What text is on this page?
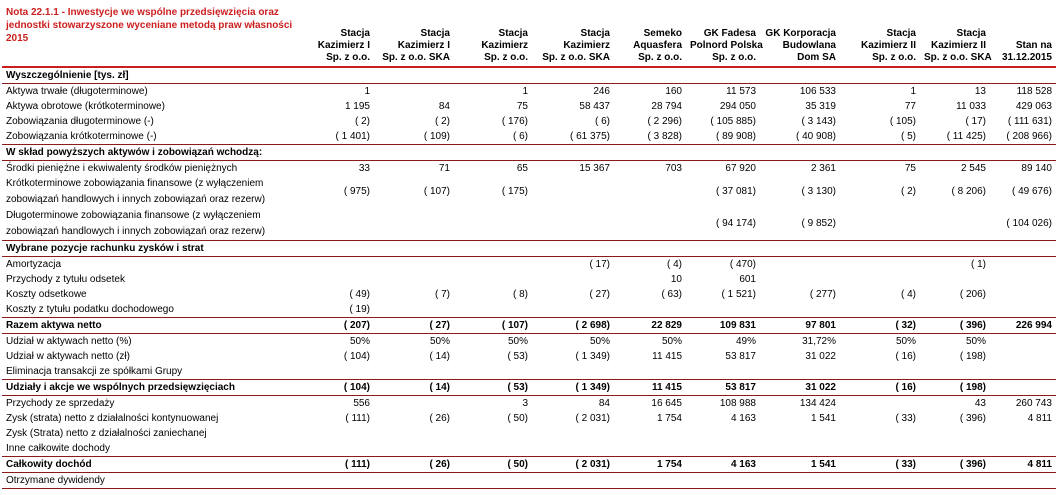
Nota 22.1.1 - Inwestycje we wspólne przedsięwzięcia oraz jednostki stowarzyszone wyceniane metodą praw własności 2015	Stacja
Kazimierz I
Sp. z o.o.	Stacja
Kazimierz I
Sp. z o.o. SKA	Stacja
Kazimierz
Sp. z o.o.	Stacja
Kazimierz
Sp. z o.o. SKA	Semeko
Aquasfera
Sp. z o.o.	GK Fadesa
Polnord Polska
Sp. z o.o.	GK Korporacja
Budowlana
Dom SA	Stacja
Kazimierz II
Sp. z o.o.	Stacja
Kazimierz II
Sp. z o.o. SKA	Stan na
31.12.2015

Wyszczególnienie [tys. zł]										
Aktywa trwałe (długoterminowe)	1		1	246	160	11 573	106 533	1	13	118 528
Aktywa obrotowe (krótkoterminowe)	1 195	84	75	58 437	28 794	294 050	35 319	77	11 033	429 063
Zobowiązania długoterminowe (-)	( 2)	( 2)	( 176)	( 6)	( 2 296)	( 105 885)	( 3 143)	( 105)	( 17)	( 111 631)
Zobowiązania krótkoterminowe (-)	( 1 401)	( 109)	( 6)	( 61 375)	( 3 828)	( 89 908)	( 40 908)	( 5)	( 11 425)	( 208 966)
W skład powyższych aktywów i zobowiązań wchodzą:										
Środki pieniężne i ekwiwalenty środków pieniężnych	33	71	65	15 367	703	67 920	2 361	75	2 545	89 140
Krótkoterminowe zobowiązania finansowe (z wyłączeniem zobowiązań handlowych i innych zobowiązań oraz rezerw)	( 975)	( 107)	( 175)			( 37 081)	( 3 130)	( 2)	( 8 206)	( 49 676)
Długoterminowe zobowiązania finansowe (z wyłączeniem zobowiązań handlowych i innych zobowiązań oraz rezerw)						( 94 174)	( 9 852)			( 104 026)
Wybrane pozycje rachunku zysków i strat										
Amortyzacja				( 17)	( 4)	( 470)			( 1)	
Przychody z tytułu odsetek					10	601				
Koszty odsetkowe	( 49)	( 7)	( 8)	( 27)	( 63)	( 1 521)	( 277)	( 4)	( 206)	
Koszty z tytułu podatku dochodowego	( 19)									
Razem aktywa netto	( 207)	( 27)	( 107)	( 2 698)	22 829	109 831	97 801	( 32)	( 396)	226 994
Udział w aktywach netto (%)	50%	50%	50%	50%	50%	49%	31,72%	50%	50%	
Udział w aktywach netto (zł)	( 104)	( 14)	( 53)	( 1 349)	11 415	53 817	31 022	( 16)	( 198)	
Eliminacja transakcji ze spółkami Grupy										
Udziały i akcje we wspólnych przedsięwzięciach	( 104)	( 14)	( 53)	( 1 349)	11 415	53 817	31 022	( 16)	( 198)	
Przychody ze sprzedaży	556		3	84	16 645	108 988	134 424		43	260 743
Zysk (strata) netto z działalności kontynuowanej	( 111)	( 26)	( 50)	( 2 031)	1 754	4 163	1 541	( 33)	( 396)	4 811
Zysk (Strata) netto z działalności zaniechanej										
Inne całkowite dochody										
Całkowity dochód	( 111)	( 26)	( 50)	( 2 031)	1 754	4 163	1 541	( 33)	( 396)	4 811
Otrzymane dywidendy										
